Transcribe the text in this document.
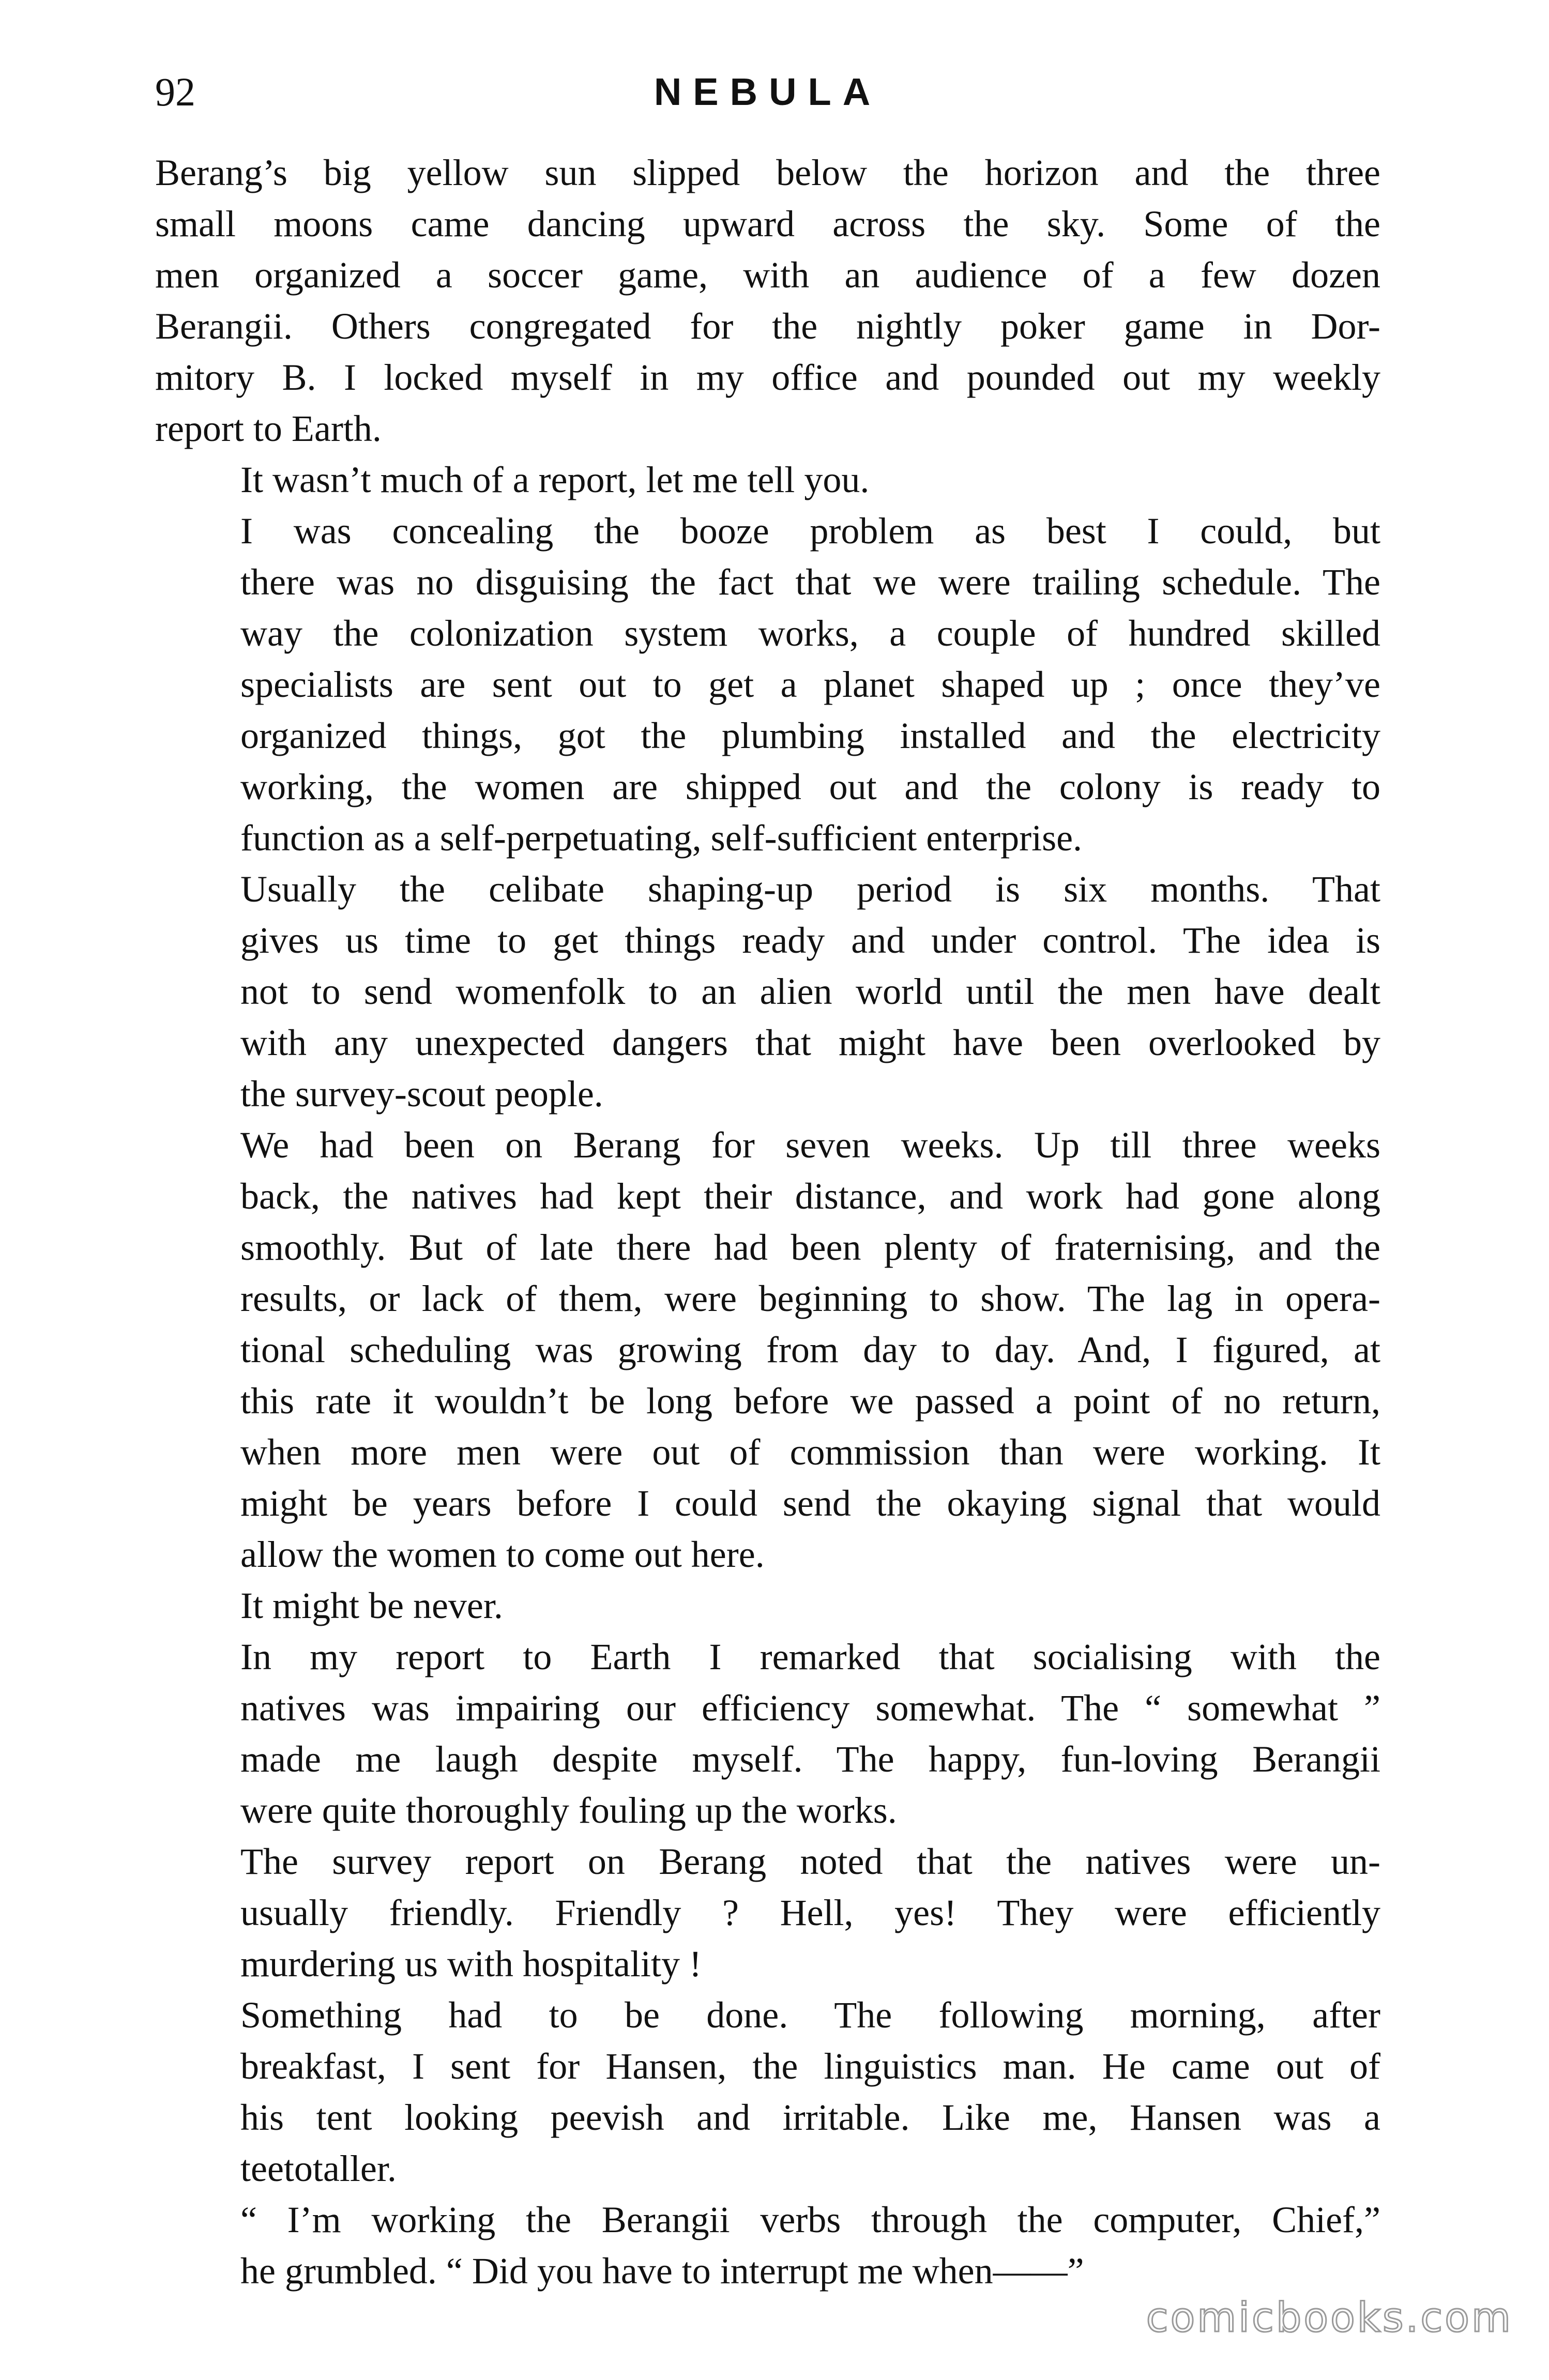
92	NEBULA
Berang’s big yellow sun slipped below the horizon and the three
small moons came dancing upward across the sky. Some of the
men organized a soccer game, with an audience of a few dozen
Berangii. Others congregated for the nightly poker game in Dor-
mitory B. I locked myself in my office and pounded out my weekly
report to Earth.
It wasn’t much of a report, let me tell you.
I was concealing the booze problem as best I could, but
there was no disguising the fact that we were trailing schedule. The
way the colonization system works, a couple of hundred skilled
specialists are sent out to get a planet shaped up ; once they’ve
organized things, got the plumbing installed and the electricity
working, the women are shipped out and the colony is ready to
function as a self-perpetuating, self-sufficient enterprise.
Usually the celibate shaping-up period is six months. That
gives us time to get things ready and under control. The idea is
not to send womenfolk to an alien world until the men have dealt
with any unexpected dangers that might have been overlooked by
the survey-scout people.
We had been on Berang for seven weeks. Up till three weeks
back, the natives had kept their distance, and work had gone along
smoothly. But of late there had been plenty of fraternising, and the
results, or lack of them, were beginning to show. The lag in opera-
tional scheduling was growing from day to day. And, I figured, at
this rate it wouldn’t be long before we passed a point of no return,
when more men were out of commission than were working. It
might be years before I could send the okaying signal that would
allow the women to come out here.
It might be never.
In my report to Earth I remarked that socialising with the
natives was impairing our efficiency somewhat. The “ somewhat ”
made me laugh despite myself. The happy, fun-loving Berangii
were quite thoroughly fouling up the works.
The survey report on Berang noted that the natives were un-
usually friendly. Friendly ? Hell, yes! They were efficiently
murdering us with hospitality !
Something had to be done. The following morning, after
breakfast, I sent for Hansen, the linguistics man. He came out of
his tent looking peevish and irritable. Like me, Hansen was a
teetotaller.
“ I’m working the Berangii verbs through the computer, Chief,”
he grumbled. “ Did you have to interrupt me when——”
comicbooks.com
